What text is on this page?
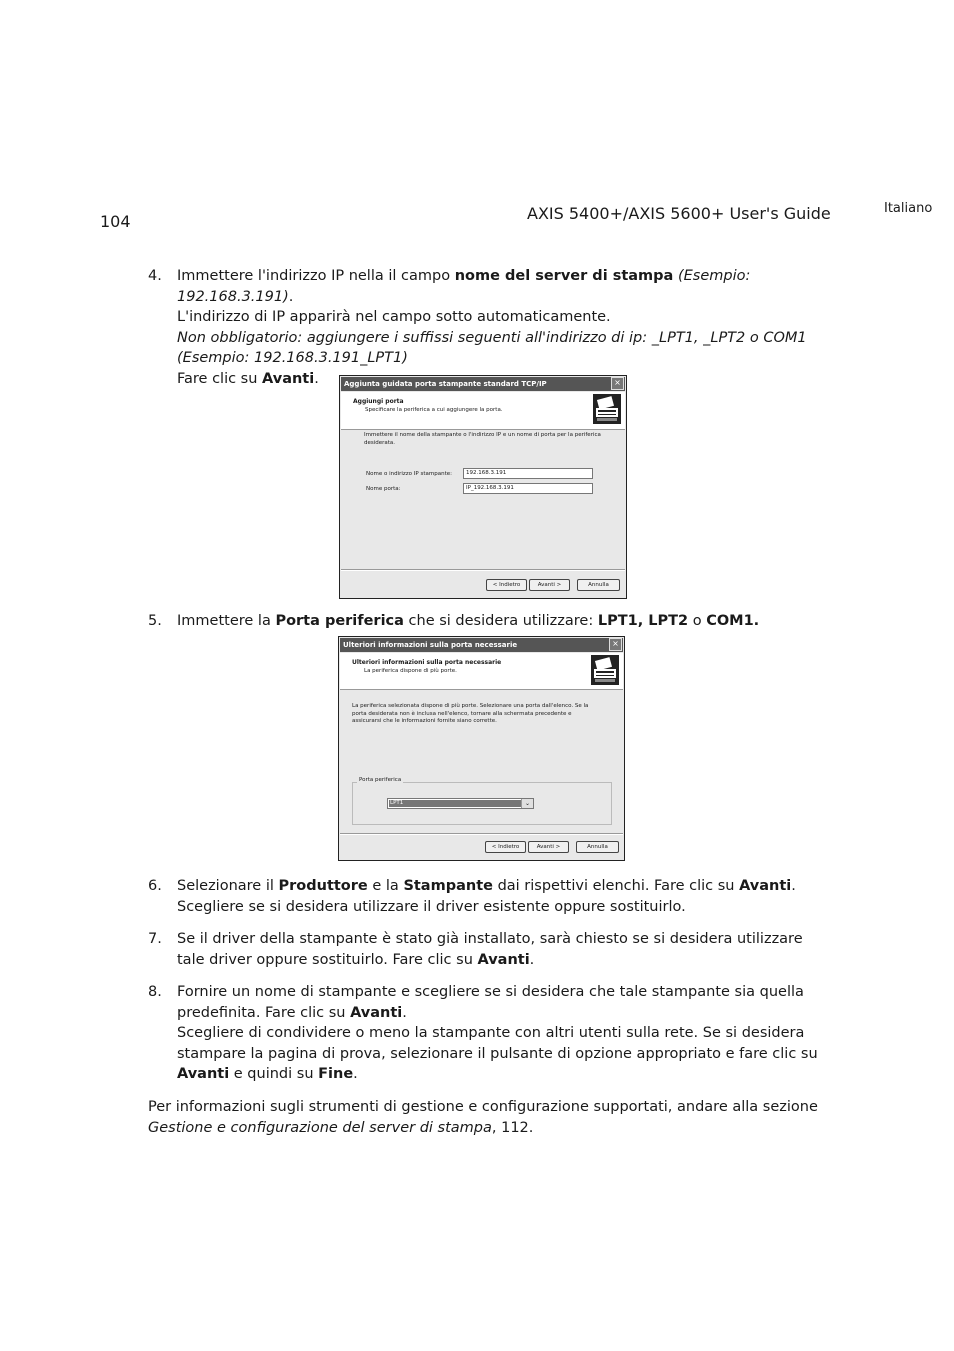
104	AXIS 5400+/AXIS 5600+ User's Guide	Italiano
4. Immettere l'indirizzo IP nella il campo nome del server di stampa (Esempio: 192.168.3.191).
L'indirizzo di IP apparirà nel campo sotto automaticamente.
Non obbligatorio: aggiungere i suffissi seguenti all'indirizzo di ip: _LPT1, _LPT2 o COM1
(Esempio: 192.168.3.191_LPT1)
Fare clic su Avanti.	Aggiunta guidata porta stampante standard TCP/IP	×
Aggiungi porta
Specificare la periferica a cui aggiungere la porta.
Immettere il nome della stampante o l'indirizzo IP e un nome di porta per la periferica desiderata.
Nome o indirizzo IP stampante:	192.168.3.191
Nome porta:	IP_192.168.3.191
< Indietro	Avanti >	Annulla
5. Immettere la Porta periferica che si desidera utilizzare: LPT1, LPT2 o COM1.
Ulteriori informazioni sulla porta necessarie	×
Ulteriori informazioni sulla porta necessarie
La periferica dispone di più porte.
La periferica selezionata dispone di più porte. Selezionare una porta dall'elenco. Se la porta desiderata non è inclusa nell'elenco, tornare alla schermata precedente e assicurarsi che le informazioni fornite siano corrette.
Porta periferica
LPT1	⌄
< Indietro	Avanti >	Annulla
6. Selezionare il Produttore e la Stampante dai rispettivi elenchi. Fare clic su Avanti. Scegliere se si desidera utilizzare il driver esistente oppure sostituirlo.
7. Se il driver della stampante è stato già installato, sarà chiesto se si desidera utilizzare tale driver oppure sostituirlo. Fare clic su Avanti.
8. Fornire un nome di stampante e scegliere se si desidera che tale stampante sia quella predefinita. Fare clic su Avanti.
Scegliere di condividere o meno la stampante con altri utenti sulla rete. Se si desidera stampare la pagina di prova, selezionare il pulsante di opzione appropriato e fare clic su Avanti e quindi su Fine.
Per informazioni sugli strumenti di gestione e configurazione supportati, andare alla sezione
Gestione e configurazione del server di stampa, 112.
